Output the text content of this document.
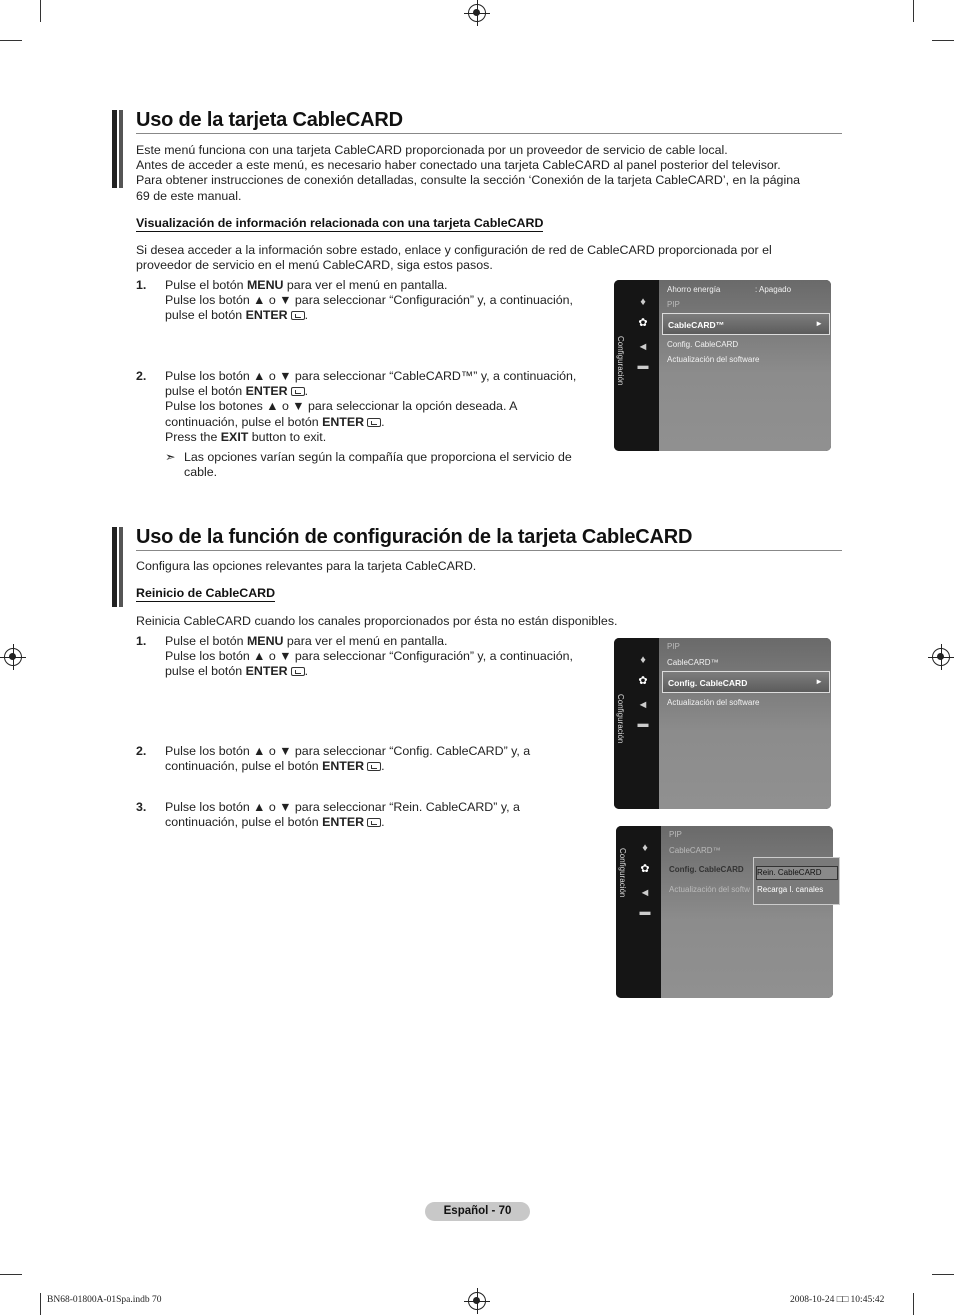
Uso de la tarjeta CableCARD
Este menú funciona con una tarjeta CableCARD proporcionada por un proveedor de servicio de cable local.
Antes de acceder a este menú, es necesario haber conectado una tarjeta CableCARD al panel posterior del televisor.
Para obtener instrucciones de conexión detalladas, consulte la sección ‘Conexión de la tarjeta CableCARD’, en la página
69 de este manual.
Visualización de información relacionada con una tarjeta CableCARD
Si desea acceder a la información sobre estado, enlace y configuración de red de CableCARD proporcionada por el
proveedor de servicio en el menú CableCARD, siga estos pasos.
1. Pulse el botón MENU para ver el menú en pantalla.
Pulse los botón ▲ o ▼ para seleccionar “Configuración” y, a continuación,
pulse el botón ENTER .
2. Pulse los botón ▲ o ▼ para seleccionar “CableCARD™” y, a continuación,
pulse el botón ENTER .
Pulse los botones ▲ o ▼ para seleccionar la opción deseada. A
continuación, pulse el botón ENTER .
Press the EXIT button to exit.
➣ Las opciones varían según la compañía que proporciona el servicio de
cable.
Configuración
♦
✿
◄
▬
Ahorro energía	: Apagado
PIP
CableCARD™	►
Config. CableCARD
Actualización del software
Uso de la función de configuración de la tarjeta CableCARD
Configura las opciones relevantes para la tarjeta CableCARD.
Reinicio de CableCARD
Reinicia CableCARD cuando los canales proporcionados por ésta no están disponibles.
1. Pulse el botón MENU para ver el menú en pantalla.
Pulse los botón ▲ o ▼ para seleccionar “Configuración” y, a continuación,
pulse el botón ENTER .
2. Pulse los botón ▲ o ▼ para seleccionar “Config. CableCARD” y, a
continuación, pulse el botón ENTER .
3. Pulse los botón ▲ o ▼ para seleccionar “Rein. CableCARD” y, a
continuación, pulse el botón ENTER .
Configuración
♦
✿
◄
▬
PIP
CableCARD™
Config. CableCARD	►
Actualización del software
Configuración	♦
✿
◄
▬
PIP
CableCARD™
Config. CableCARD
Actualización del softw
Rein. CableCARD
Recarga l. canales
Español - 70
BN68-01800A-01Spa.indb 70	2008-10-24 □□ 10:45:42
